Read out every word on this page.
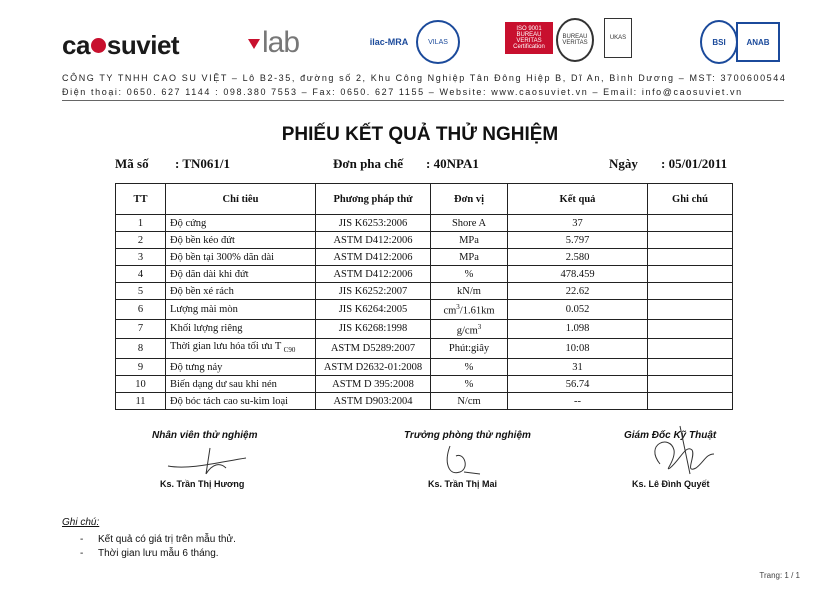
ca suviet	lab	ilac-MRA	VILAS
ISO 9001 BUREAU VERITAS Certification
BUREAU VERITAS
UKAS	BSI	ANAB
CÔNG TY TNHH CAO SU VIỆT – Lô B2-35, đường số 2, Khu Công Nghiệp Tân Đông Hiệp B, Dĩ An, Bình Dương – MST: 3700600544
Điện thoại: 0650. 627 1144 : 098.380 7553 – Fax: 0650. 627 1155 – Website: www.caosuviet.vn – Email: info@caosuviet.vn
PHIẾU KẾT QUẢ THỬ NGHIỆM
Mã số : TN061/1	Đơn pha chế : 40NPA1	Ngày : 05/01/2011
TT	Chỉ tiêu	Phương pháp thử	Đơn vị	Kết quả	Ghi chú
1	Độ cứng	JIS K6253:2006	Shore A	37	
2	Độ bền kéo đứt	ASTM D412:2006	MPa	5.797	
3	Độ bền tại 300% dãn dài	ASTM D412:2006	MPa	2.580	
4	Độ dãn dài khi đứt	ASTM D412:2006	%	478.459	
5	Độ bền xé rách	JIS K6252:2007	kN/m	22.62	
6	Lượng mài mòn	JIS K6264:2005	$cm^3/1.61km$	0.052	
7	Khối lượng riêng	JIS K6268:1998	$g/cm^3$	1.098	
8	Thời gian lưu hóa tối ưu T $_{C90}$	ASTM D5289:2007	Phút:giây	10:08	
9	Độ tưng nảy	ASTM D2632-01:2008	%	31	
10	Biến dạng dư sau khi nén	ASTM D 395:2008	%	56.74	
11	Độ bóc tách cao su-kim loại	ASTM D903:2004	N/cm	--	
Nhân viên thử nghiệm
Ks. Trần Thị Hương
Trưởng phòng thử nghiệm
Ks. Trần Thị Mai
Giám Đốc Kỹ Thuật
Ks. Lê Đình Quyết
Ghi chú:
- Kết quả có giá trị trên mẫu thử.
- Thời gian lưu mẫu 6 tháng.
Trang: 1 / 1
